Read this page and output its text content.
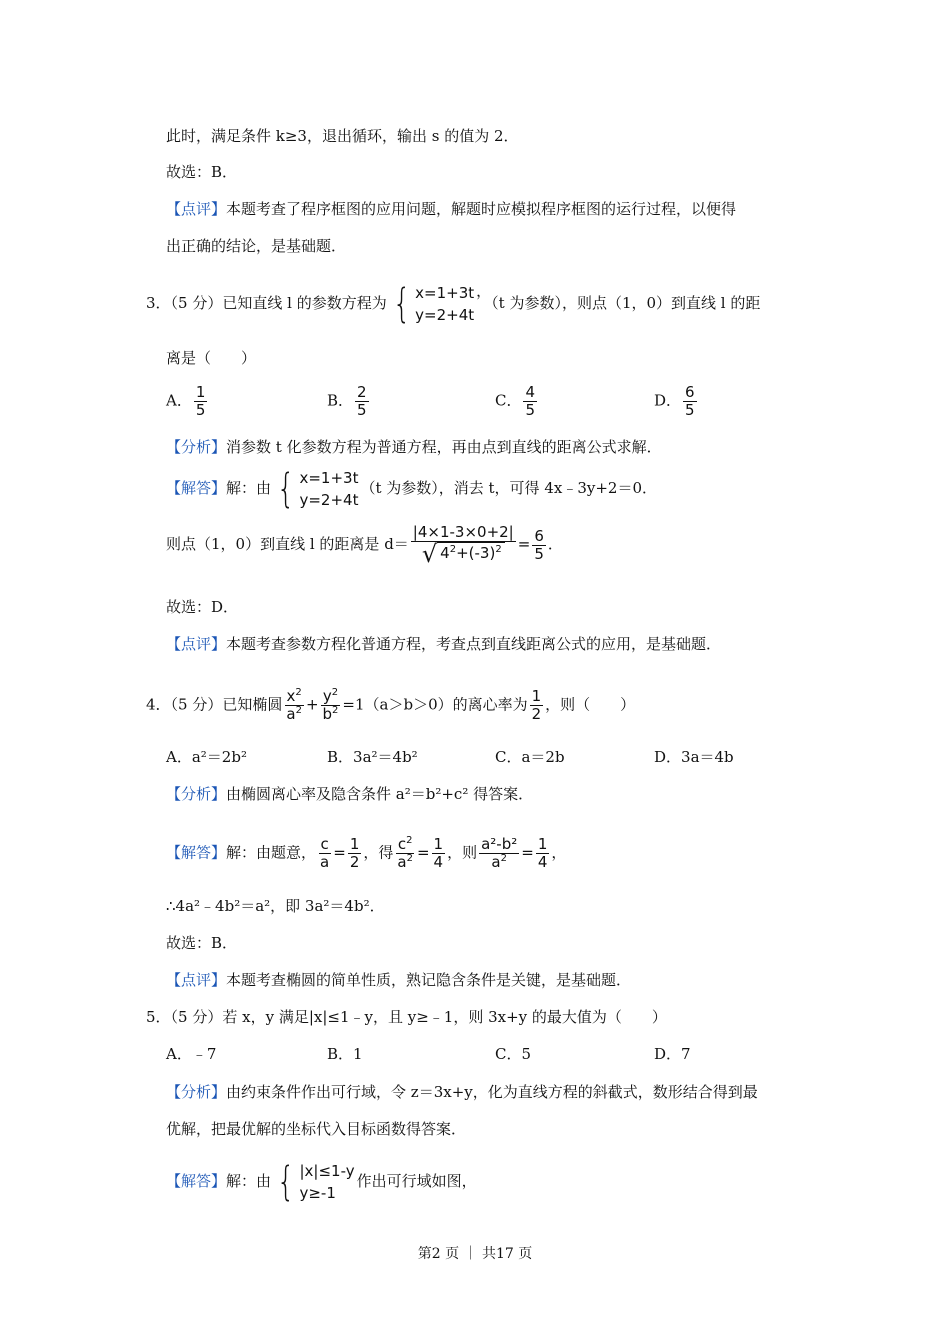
此时，满足条件 k≥3，退出循环，输出 s 的值为 2．
故选：B．
【点评】本题考查了程序框图的应用问题，解题时应模拟程序框图的运行过程，以便得
出正确的结论，是基础题．
3．（5 分）已知直线 l 的参数方程为 { x=1+3t
y=2+4t
，（t 为参数），则点（1，0）到直线 l 的距
离是（　　）
A． $\frac{1}{5}$	B． $\frac{2}{5}$	C． $\frac{4}{5}$	D． $\frac{6}{5}$
【分析】消参数 t 化参数方程为普通方程，再由点到直线的距离公式求解．
【解答】解：由 { x=1+3t
y=2+4t
（t 为参数），消去 t，可得 4x﹣3y+2＝0．
则点（1，0）到直线 l 的距离是 $d= \frac{|4\times 1-3\times 0+2|}{√ 4^2+(-3)^2} = \frac{6}{5}$ ．
故选：D．
【点评】本题考查参数方程化普通方程，考查点到直线距离公式的应用，是基础题．
4．（5 分）已知椭圆 $\frac{x^2}{a^2} + \frac{y^2}{b^2} =1(a>b>0)$的离心率为 $\frac{1}{2}$ ，则（　　）
A．a²＝2b²	B．3a²＝4b²	C．a＝2b	D．3a＝4b
【分析】由椭圆离心率及隐含条件 a²＝b²+c² 得答案．
【解答】解：由题意， $\frac{c}{a} = \frac{1}{2}$ ，得 $\frac{c^2}{a^2} = \frac{1}{4}$ ，则 $\frac{\text{a²-b²}}{a^2} = \frac{1}{4}$ ，
∴4a²﹣4b²＝a²，即 3a²＝4b²．
故选：B．
【点评】本题考查椭圆的简单性质，熟记隐含条件是关键，是基础题．
5．（5 分）若 x，y 满足|x|≤1﹣y，且 y≥﹣1，则 3x+y 的最大值为（　　）
A．﹣7	B．1	C．5	D．7
【分析】由约束条件作出可行域，令 z＝3x+y，化为直线方程的斜截式，数形结合得到最
优解，把最优解的坐标代入目标函数得答案．
【解答】解：由 { |x|≤1-y
y≥-1
作出可行域如图，
第2 页 ｜ 共17 页
